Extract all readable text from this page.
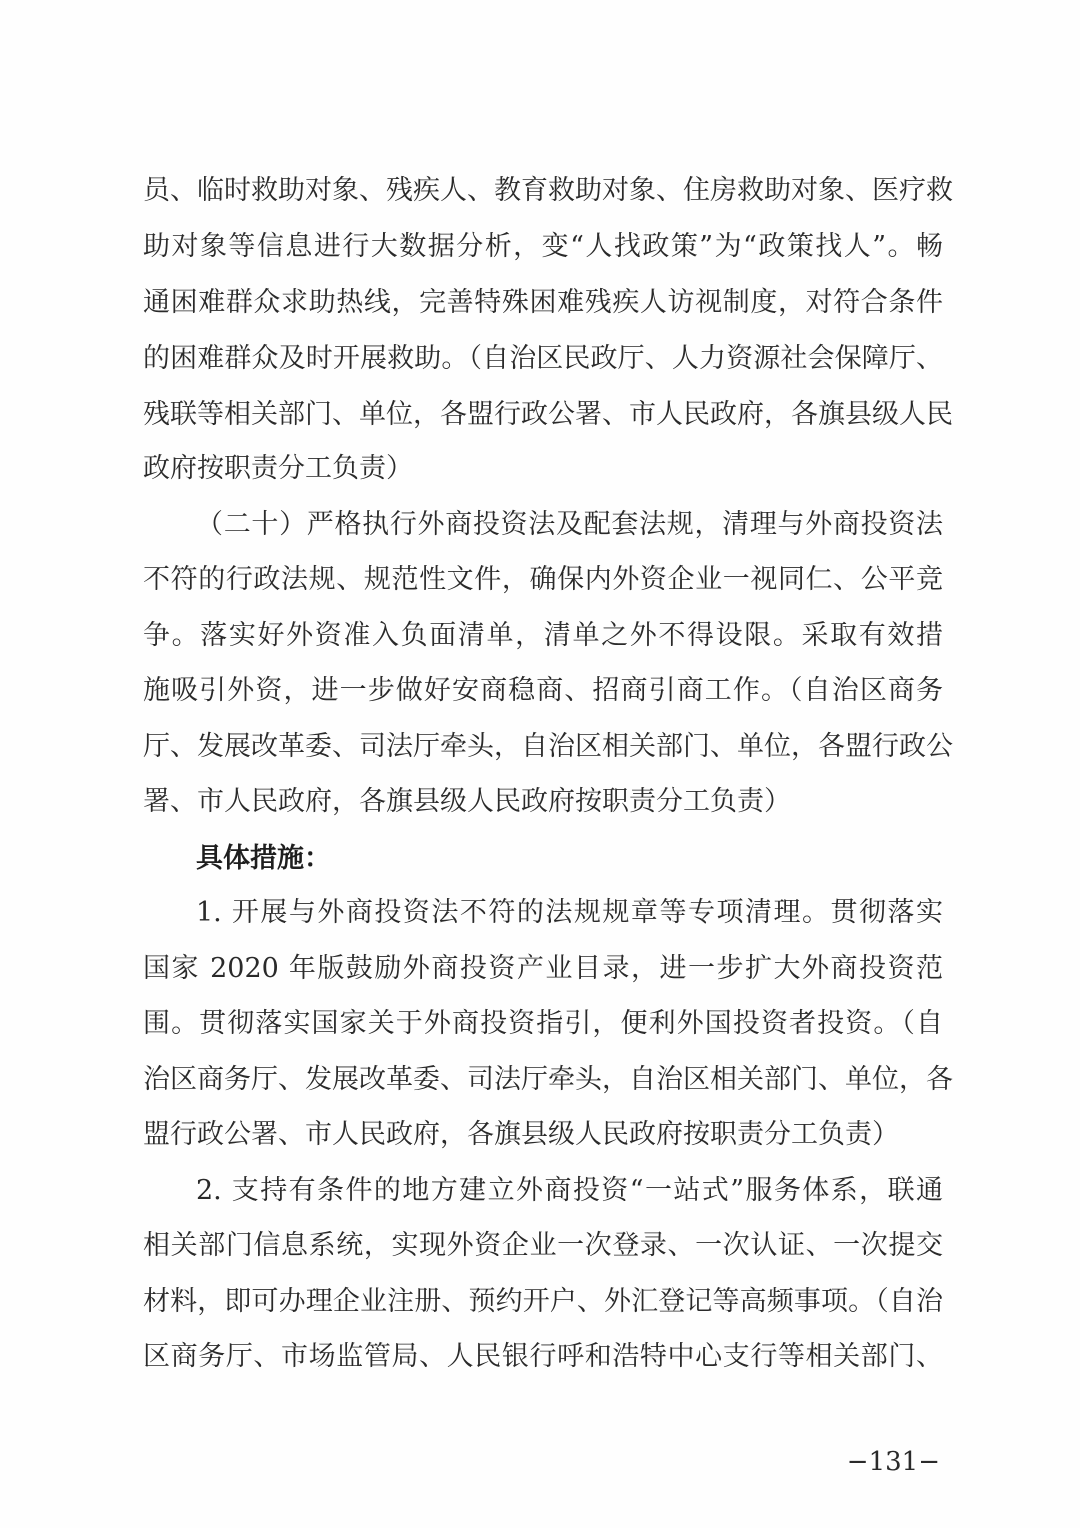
员、临时救助对象、残疾人、教育救助对象、住房救助对象、医疗救
助对象等信息进行大数据分析，变“人找政策”为“政策找人”。畅
通困难群众求助热线，完善特殊困难残疾人访视制度，对符合条件
的困难群众及时开展救助。（自治区民政厅、人力资源社会保障厅、
残联等相关部门、单位，各盟行政公署、市人民政府，各旗县级人民
政府按职责分工负责）
（二十）严格执行外商投资法及配套法规，清理与外商投资法
不符的行政法规、规范性文件，确保内外资企业一视同仁、公平竞
争。落实好外资准入负面清单，清单之外不得设限。采取有效措
施吸引外资，进一步做好安商稳商、招商引商工作。（自治区商务
厅、发展改革委、司法厅牵头，自治区相关部门、单位，各盟行政公
署、市人民政府，各旗县级人民政府按职责分工负责）
具体措施：
1. 开展与外商投资法不符的法规规章等专项清理。贯彻落实
国家 2020 年版鼓励外商投资产业目录，进一步扩大外商投资范
围。贯彻落实国家关于外商投资指引，便利外国投资者投资。（自
治区商务厅、发展改革委、司法厅牵头，自治区相关部门、单位，各
盟行政公署、市人民政府，各旗县级人民政府按职责分工负责）
2. 支持有条件的地方建立外商投资“一站式”服务体系，联通
相关部门信息系统，实现外资企业一次登录、一次认证、一次提交
材料，即可办理企业注册、预约开户、外汇登记等高频事项。（自治
区商务厅、市场监管局、人民银行呼和浩特中心支行等相关部门、
−131−
